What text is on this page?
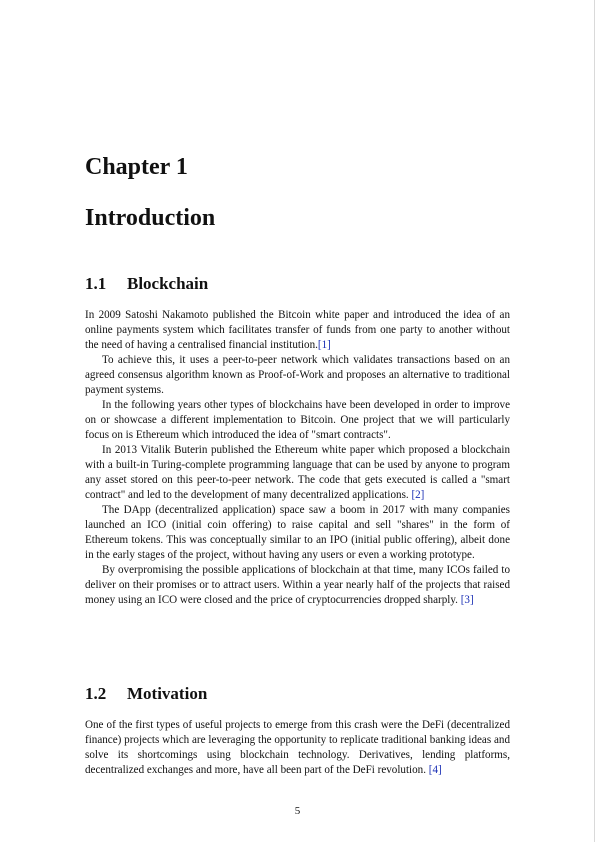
Chapter 1
Introduction
1.1 Blockchain

In 2009 Satoshi Nakamoto published the Bitcoin white paper and introduced the idea of an online payments system which facilitates transfer of funds from one party to another without the need of having a centralised financial institution.[1]

To achieve this, it uses a peer-to-peer network which validates transactions based on an agreed consensus algorithm known as Proof-of-Work and proposes an alternative to traditional payment systems.

In the following years other types of blockchains have been developed in order to improve on or showcase a different implementation to Bitcoin. One project that we will particularly focus on is Ethereum which introduced the idea of "smart contracts".

In 2013 Vitalik Buterin published the Ethereum white paper which proposed a blockchain with a built-in Turing-complete programming language that can be used by anyone to program any asset stored on this peer-to-peer network. The code that gets executed is called a "smart contract" and led to the development of many decentralized applications. [2]

The DApp (decentralized application) space saw a boom in 2017 with many companies launched an ICO (initial coin offering) to raise capital and sell "shares" in the form of Ethereum tokens. This was conceptually similar to an IPO (initial public offering), albeit done in the early stages of the project, without having any users or even a working prototype.

By overpromising the possible applications of blockchain at that time, many ICOs failed to deliver on their promises or to attract users. Within a year nearly half of the projects that raised money using an ICO were closed and the price of cryptocurrencies dropped sharply. [3]

1.2 Motivation

One of the first types of useful projects to emerge from this crash were the DeFi (decentralized finance) projects which are leveraging the opportunity to replicate traditional banking ideas and solve its shortcomings using blockchain technology. Derivatives, lending platforms, decentralized exchanges and more, have all been part of the DeFi revolution. [4]

5
